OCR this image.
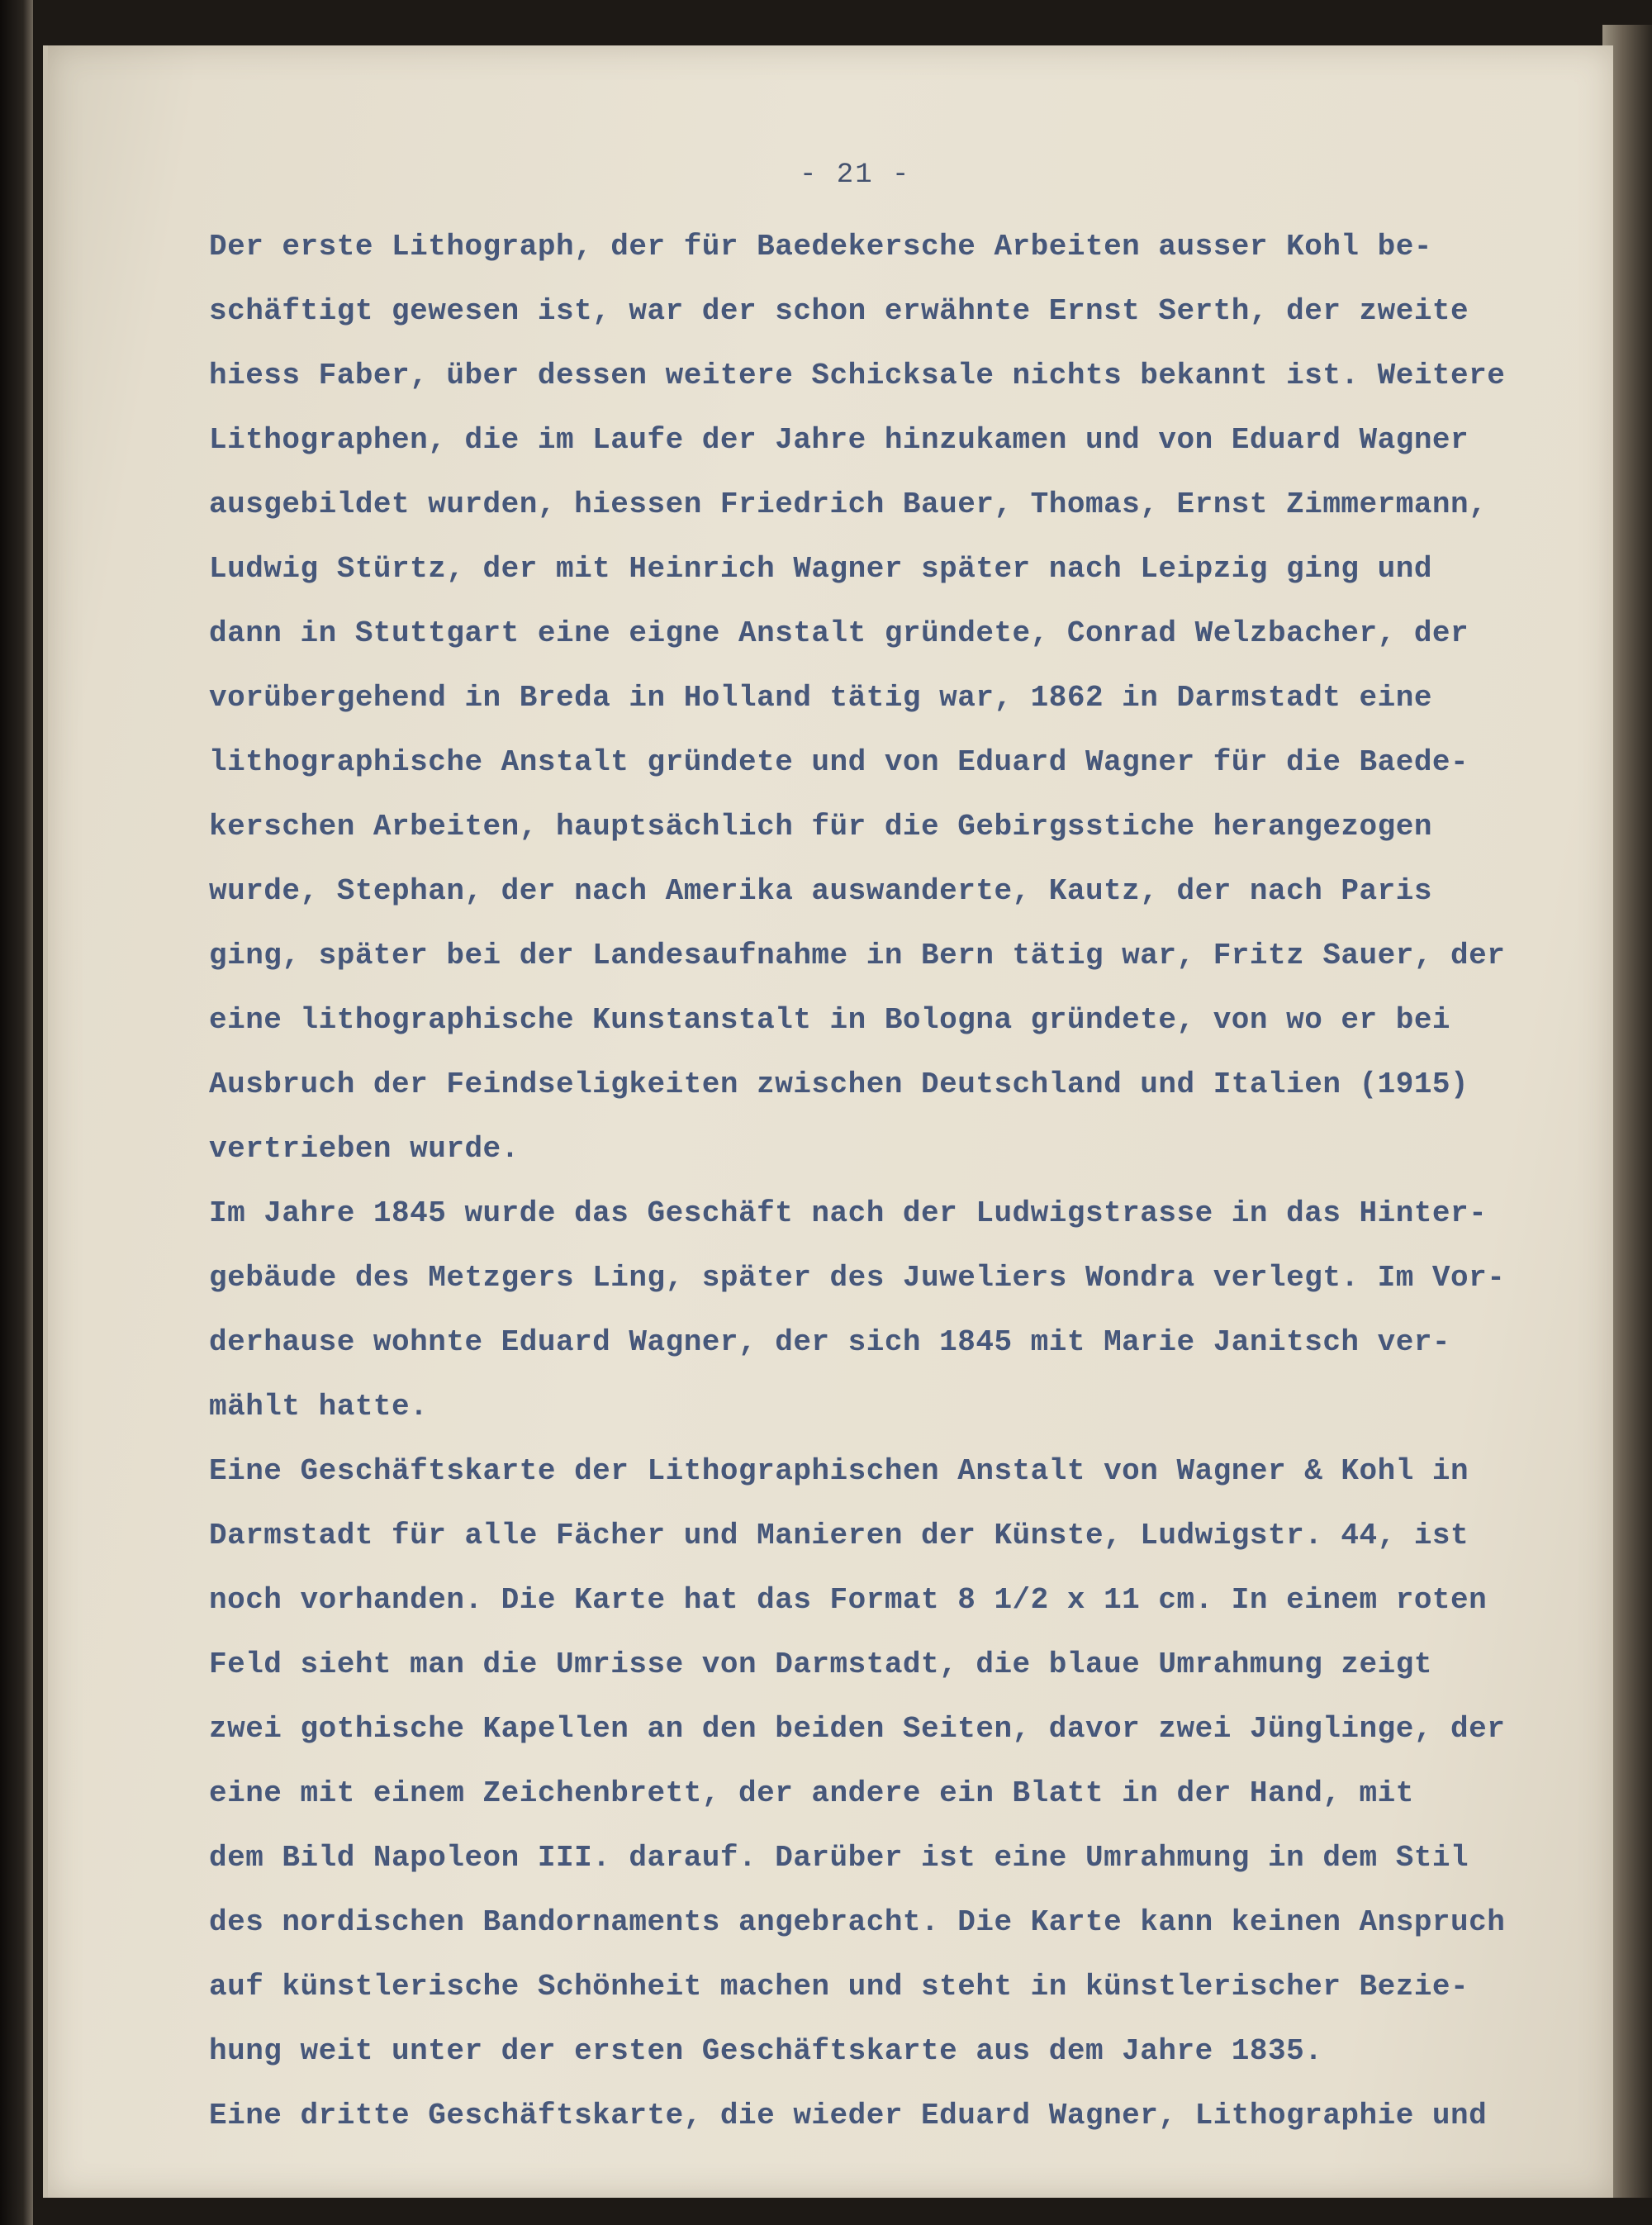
- 21 -
Der erste Lithograph, der für Baedekersche Arbeiten ausser Kohl be-
schäftigt gewesen ist, war der schon erwähnte Ernst Serth, der zweite
hiess Faber, über dessen weitere Schicksale nichts bekannt ist. Weitere
Lithographen, die im Laufe der Jahre hinzukamen und von Eduard Wagner
ausgebildet wurden, hiessen Friedrich Bauer, Thomas, Ernst Zimmermann,
Ludwig Stürtz, der mit Heinrich Wagner später nach Leipzig ging und
dann in Stuttgart eine eigne Anstalt gründete, Conrad Welzbacher, der
vorübergehend in Breda in Holland tätig war, 1862 in Darmstadt eine
lithographische Anstalt gründete und von Eduard Wagner für die Baede-
kerschen Arbeiten, hauptsächlich für die Gebirgsstiche herangezogen
wurde, Stephan, der nach Amerika auswanderte, Kautz, der nach Paris
ging, später bei der Landesaufnahme in Bern tätig war, Fritz Sauer, der
eine lithographische Kunstanstalt in Bologna gründete, von wo er bei
Ausbruch der Feindseligkeiten zwischen Deutschland und Italien (1915)
vertrieben wurde.
Im Jahre 1845 wurde das Geschäft nach der Ludwigstrasse in das Hinter-
gebäude des Metzgers Ling, später des Juweliers Wondra verlegt. Im Vor-
derhause wohnte Eduard Wagner, der sich 1845 mit Marie Janitsch ver-
mählt hatte.
Eine Geschäftskarte der Lithographischen Anstalt von Wagner & Kohl in
Darmstadt für alle Fächer und Manieren der Künste, Ludwigstr. 44, ist
noch vorhanden. Die Karte hat das Format 8 1/2 x 11 cm. In einem roten
Feld sieht man die Umrisse von Darmstadt, die blaue Umrahmung zeigt
zwei gothische Kapellen an den beiden Seiten, davor zwei Jünglinge, der
eine mit einem Zeichenbrett, der andere ein Blatt in der Hand, mit
dem Bild Napoleon III. darauf. Darüber ist eine Umrahmung in dem Stil
des nordischen Bandornaments angebracht. Die Karte kann keinen Anspruch
auf künstlerische Schönheit machen und steht in künstlerischer Bezie-
hung weit unter der ersten Geschäftskarte aus dem Jahre 1835.
Eine dritte Geschäftskarte, die wieder Eduard Wagner, Lithographie und
